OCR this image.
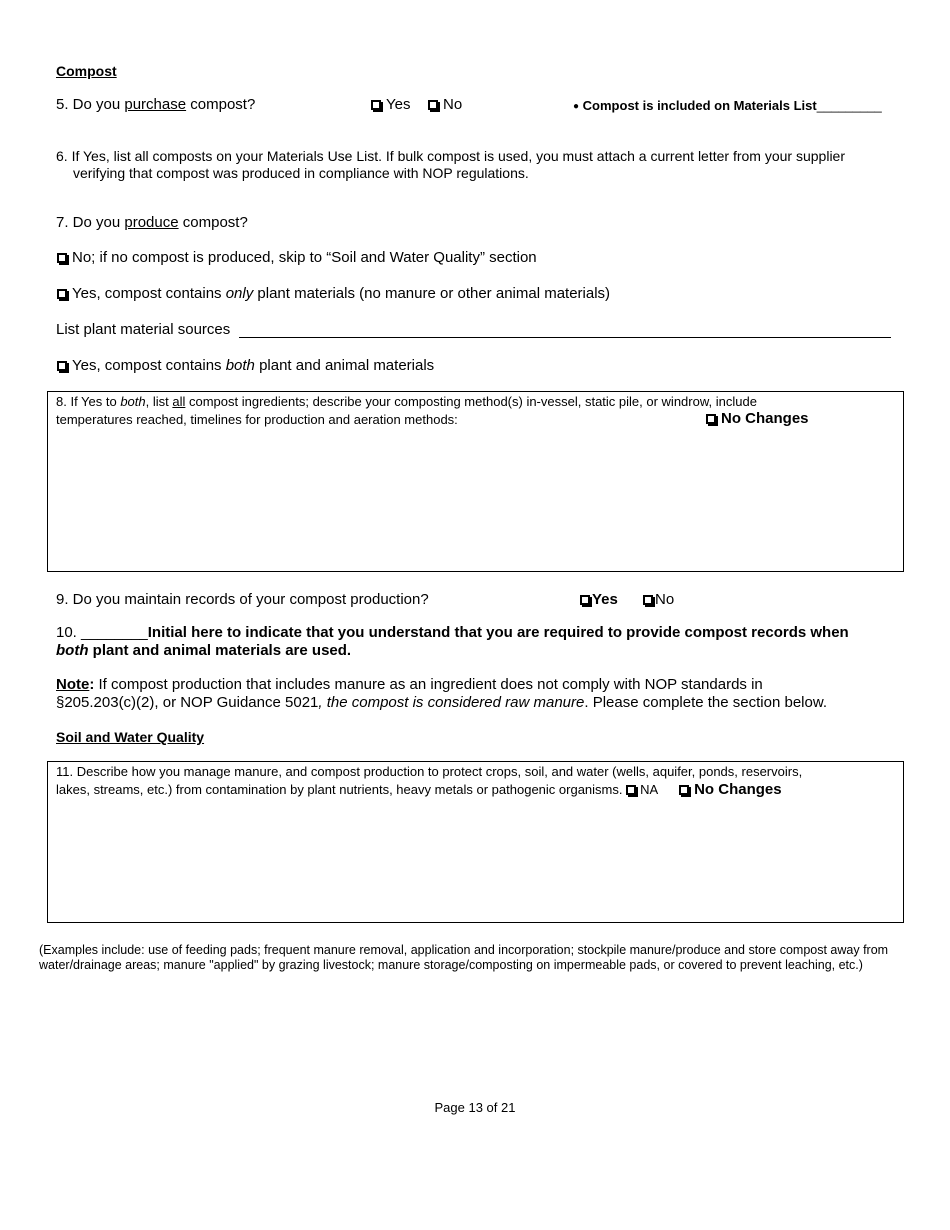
Compost
5. Do you purchase compost?	Yes	No	● Compost is included on Materials List_________
6. If Yes, list all composts on your Materials Use List. If bulk compost is used, you must attach a current letter from your supplier
verifying that compost was produced in compliance with NOP regulations.
7. Do you produce compost?
No; if no compost is produced, skip to “Soil and Water Quality” section
Yes, compost contains only plant materials (no manure or other animal materials)
List plant material sources
Yes, compost contains both plant and animal materials
8. If Yes to both, list all compost ingredients; describe your composting method(s) in-vessel, static pile, or windrow, include
temperatures reached, timelines for production and aeration methods:	No Changes
9. Do you maintain records of your compost production?	Yes	No
10. ________Initial here to indicate that you understand that you are required to provide compost records when
both plant and animal materials are used.
Note: If compost production that includes manure as an ingredient does not comply with NOP standards in
§205.203(c)(2), or NOP Guidance 5021, the compost is considered raw manure. Please complete the section below.
Soil and Water Quality
11. Describe how you manage manure, and compost production to protect crops, soil, and water (wells, aquifer, ponds, reservoirs,
lakes, streams, etc.) from contamination by plant nutrients, heavy metals or pathogenic organisms. NA No Changes
(Examples include: use of feeding pads; frequent manure removal, application and incorporation; stockpile manure/produce and store compost away from
water/drainage areas; manure "applied" by grazing livestock; manure storage/composting on impermeable pads, or covered to prevent leaching, etc.)
Page 13 of 21
